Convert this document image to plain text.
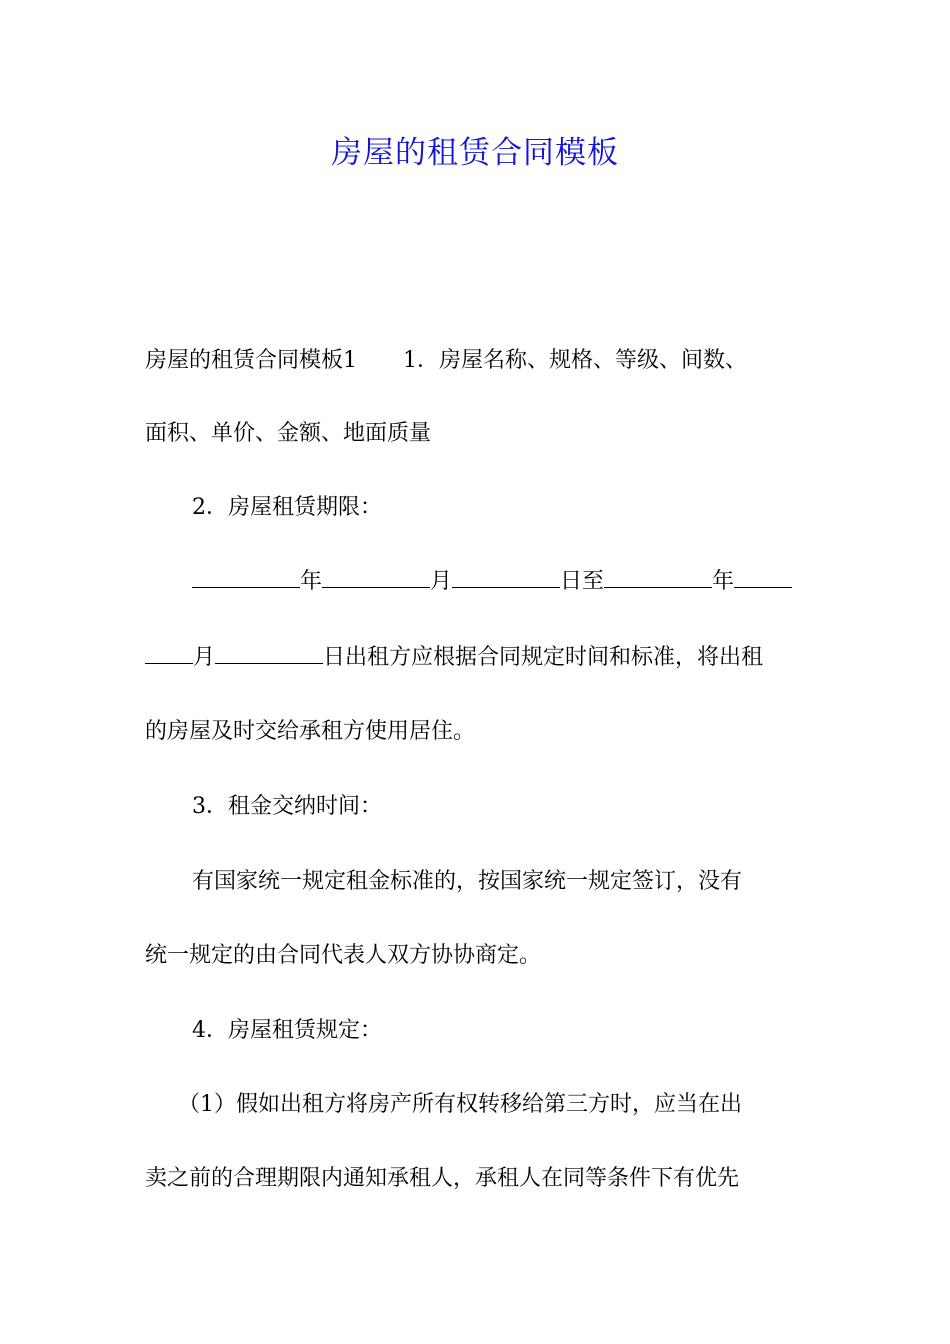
房屋的租赁合同模板
房屋的租赁合同模板1 1．房屋名称、规格、等级、间数、
面积、单价、金额、地面质量
2．房屋租赁期限：
年	月	日至	年
月	日出租方应根据合同规定时间和标准，将出租
的房屋及时交给承租方使用居住。
3．租金交纳时间：
有国家统一规定租金标准的，按国家统一规定签订，没有
统一规定的由合同代表人双方协协商定。
4．房屋租赁规定：
（1）假如出租方将房产所有权转移给第三方时，应当在出
卖之前的合理期限内通知承租人，承租人在同等条件下有优先
